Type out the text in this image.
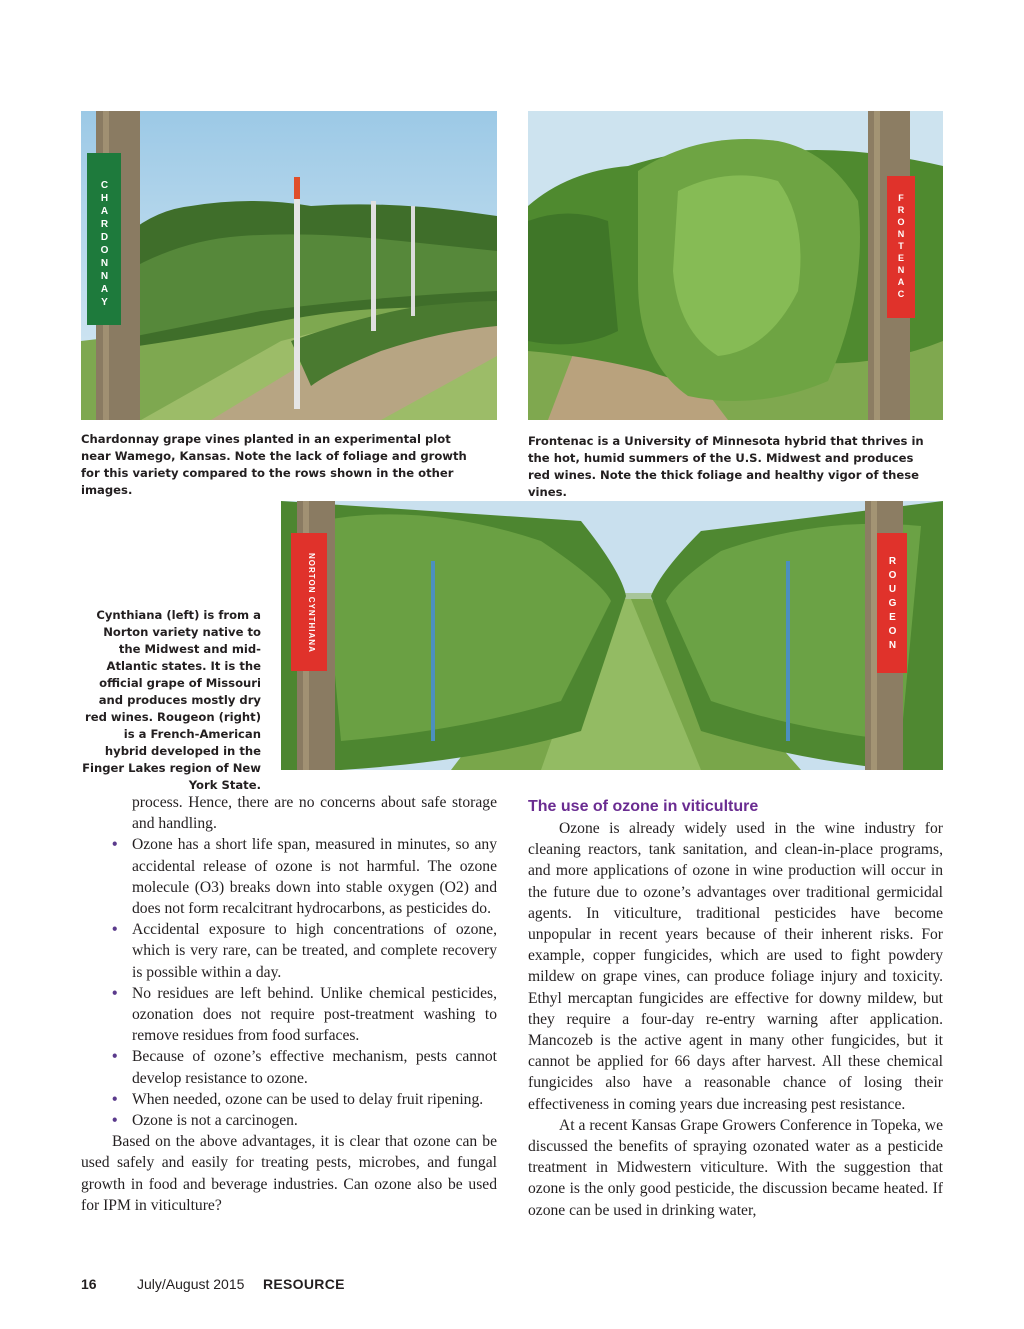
CHARDONNAY	FRONTENAC
Chardonnay grape vines planted in an experimental plot near Wamego, Kansas. Note the lack of foliage and growth for this variety compared to the rows shown in the other images.
Frontenac is a University of Minnesota hybrid that thrives in the hot, humid summers of the U.S. Midwest and produces red wines. Note the thick foliage and healthy vigor of these vines.
NORTON CYNTHIANA	ROUGEON
Cynthiana (left) is from a Norton variety native to the Midwest and mid-Atlantic states. It is the official grape of Missouri and produces mostly dry red wines. Rougeon (right) is a French-American hybrid developed in the Finger Lakes region of New York State.

process. Hence, there are no concerns about safe storage and handling.

• Ozone has a short life span, measured in minutes, so any accidental release of ozone is not harmful. The ozone molecule (O3) breaks down into stable oxygen (O2) and does not form recalcitrant hydrocarbons, as pesticides do.
• Accidental exposure to high concentrations of ozone, which is very rare, can be treated, and complete recovery is possible within a day.
• No residues are left behind. Unlike chemical pesticides, ozonation does not require post-treatment washing to remove residues from food surfaces.
• Because of ozone’s effective mechanism, pests cannot develop resistance to ozone.
• When needed, ozone can be used to delay fruit ripening.
• Ozone is not a carcinogen.

Based on the above advantages, it is clear that ozone can be used safely and easily for treating pests, microbes, and fungal growth in food and beverage industries. Can ozone also be used for IPM in viticulture?

The use of ozone in viticulture

Ozone is already widely used in the wine industry for cleaning reactors, tank sanitation, and clean-in-place programs, and more applications of ozone in wine production will occur in the future due to ozone’s advantages over traditional germicidal agents. In viticulture, traditional pesticides have become unpopular in recent years because of their inherent risks. For example, copper fungicides, which are used to fight powdery mildew on grape vines, can produce foliage injury and toxicity. Ethyl mercaptan fungicides are effective for downy mildew, but they require a four-day re-entry warning after application. Mancozeb is the active agent in many other fungicides, but it cannot be applied for 66 days after harvest. All these chemical fungicides also have a reasonable chance of losing their effectiveness in coming years due increasing pest resistance.

At a recent Kansas Grape Growers Conference in Topeka, we discussed the benefits of spraying ozonated water as a pesticide treatment in Midwestern viticulture. With the suggestion that ozone is the only good pesticide, the discussion became heated. If ozone can be used in drinking water,

16	July/August 2015	RESOURCE
